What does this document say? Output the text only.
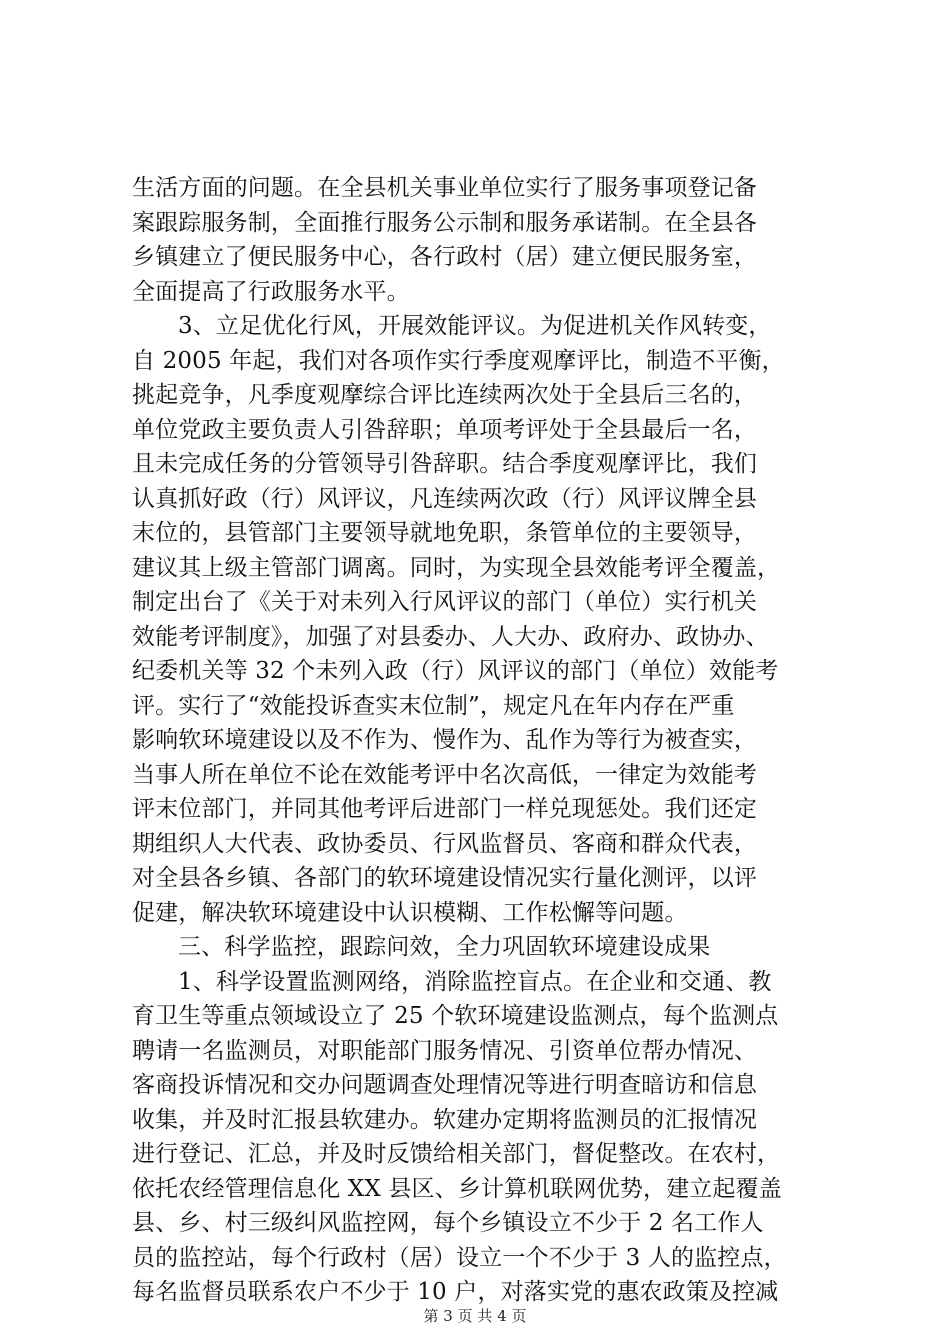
生活方面的问题。在全县机关事业单位实行了服务事项登记备
案跟踪服务制，全面推行服务公示制和服务承诺制。在全县各
乡镇建立了便民服务中心，各行政村（居）建立便民服务室，
全面提高了行政服务水平。
3、立足优化行风，开展效能评议。为促进机关作风转变，
自 2005 年起，我们对各项作实行季度观摩评比，制造不平衡，
挑起竞争，凡季度观摩综合评比连续两次处于全县后三名的，
单位党政主要负责人引咎辞职；单项考评处于全县最后一名，
且未完成任务的分管领导引咎辞职。结合季度观摩评比，我们
认真抓好政（行）风评议，凡连续两次政（行）风评议牌全县
末位的，县管部门主要领导就地免职，条管单位的主要领导，
建议其上级主管部门调离。同时，为实现全县效能考评全覆盖，
制定出台了《关于对未列入行风评议的部门（单位）实行机关
效能考评制度》，加强了对县委办、人大办、政府办、政协办、
纪委机关等 32 个未列入政（行）风评议的部门（单位）效能考
评。实行了“效能投诉查实末位制”，规定凡在年内存在严重
影响软环境建设以及不作为、慢作为、乱作为等行为被查实，
当事人所在单位不论在效能考评中名次高低，一律定为效能考
评末位部门，并同其他考评后进部门一样兑现惩处。我们还定
期组织人大代表、政协委员、行风监督员、客商和群众代表，
对全县各乡镇、各部门的软环境建设情况实行量化测评，以评
促建，解决软环境建设中认识模糊、工作松懈等问题。
三、科学监控，跟踪问效，全力巩固软环境建设成果
1、科学设置监测网络，消除监控盲点。在企业和交通、教
育卫生等重点领域设立了 25 个软环境建设监测点，每个监测点
聘请一名监测员，对职能部门服务情况、引资单位帮办情况、
客商投诉情况和交办问题调查处理情况等进行明查暗访和信息
收集，并及时汇报县软建办。软建办定期将监测员的汇报情况
进行登记、汇总，并及时反馈给相关部门，督促整改。在农村，
依托农经管理信息化 XX 县区、乡计算机联网优势，建立起覆盖
县、乡、村三级纠风监控网，每个乡镇设立不少于 2 名工作人
员的监控站，每个行政村（居）设立一个不少于 3 人的监控点，
每名监督员联系农户不少于 10 户，对落实党的惠农政策及控减
第 3 页 共 4 页
